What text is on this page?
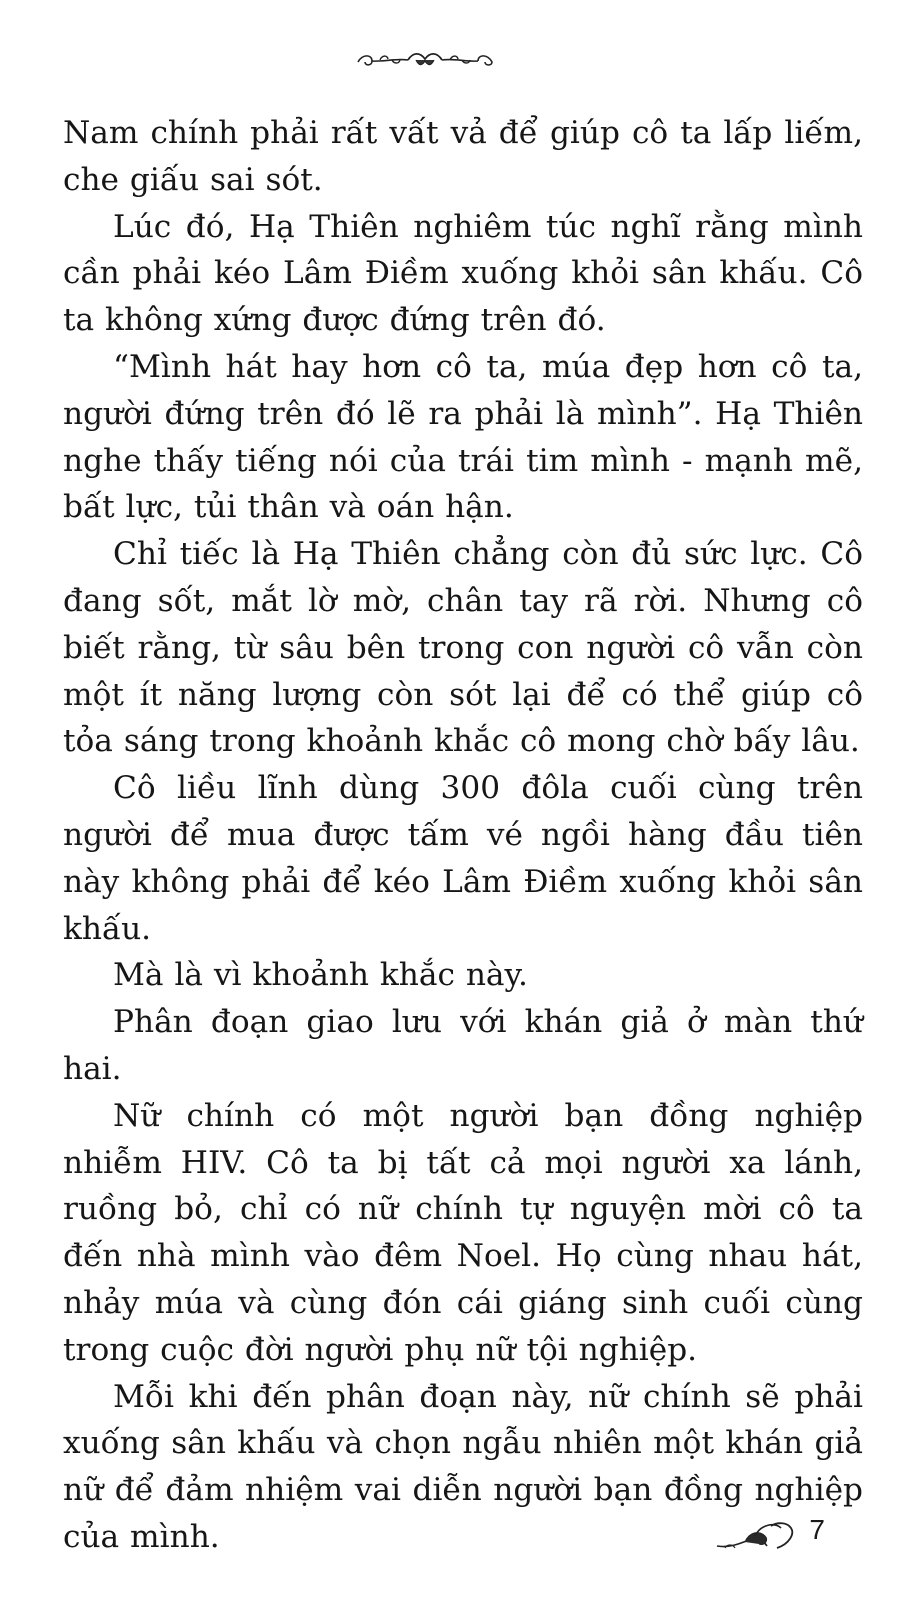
Nam chính phải rất vất vả để giúp cô ta lấp liếm, che giấu sai sót.

Lúc đó, Hạ Thiên nghiêm túc nghĩ rằng mình cần phải kéo Lâm Điềm xuống khỏi sân khấu. Cô ta không xứng được đứng trên đó.

“Mình hát hay hơn cô ta, múa đẹp hơn cô ta, người đứng trên đó lẽ ra phải là mình”. Hạ Thiên nghe thấy tiếng nói của trái tim mình - mạnh mẽ, bất lực, tủi thân và oán hận.

Chỉ tiếc là Hạ Thiên chẳng còn đủ sức lực. Cô đang sốt, mắt lờ mờ, chân tay rã rời. Nhưng cô biết rằng, từ sâu bên trong con người cô vẫn còn một ít năng lượng còn sót lại để có thể giúp cô tỏa sáng trong khoảnh khắc cô mong chờ bấy lâu.

Cô liều lĩnh dùng 300 đôla cuối cùng trên người để mua được tấm vé ngồi hàng đầu tiên này không phải để kéo Lâm Điềm xuống khỏi sân khấu.

Mà là vì khoảnh khắc này.

Phân đoạn giao lưu với khán giả ở màn thứ hai.

Nữ chính có một người bạn đồng nghiệp nhiễm HIV. Cô ta bị tất cả mọi người xa lánh, ruồng bỏ, chỉ có nữ chính tự nguyện mời cô ta đến nhà mình vào đêm Noel. Họ cùng nhau hát, nhảy múa và cùng đón cái giáng sinh cuối cùng trong cuộc đời người phụ nữ tội nghiệp.

Mỗi khi đến phân đoạn này, nữ chính sẽ phải xuống sân khấu và chọn ngẫu nhiên một khán giả nữ để đảm nhiệm vai diễn người bạn đồng nghiệp của mình.	7
